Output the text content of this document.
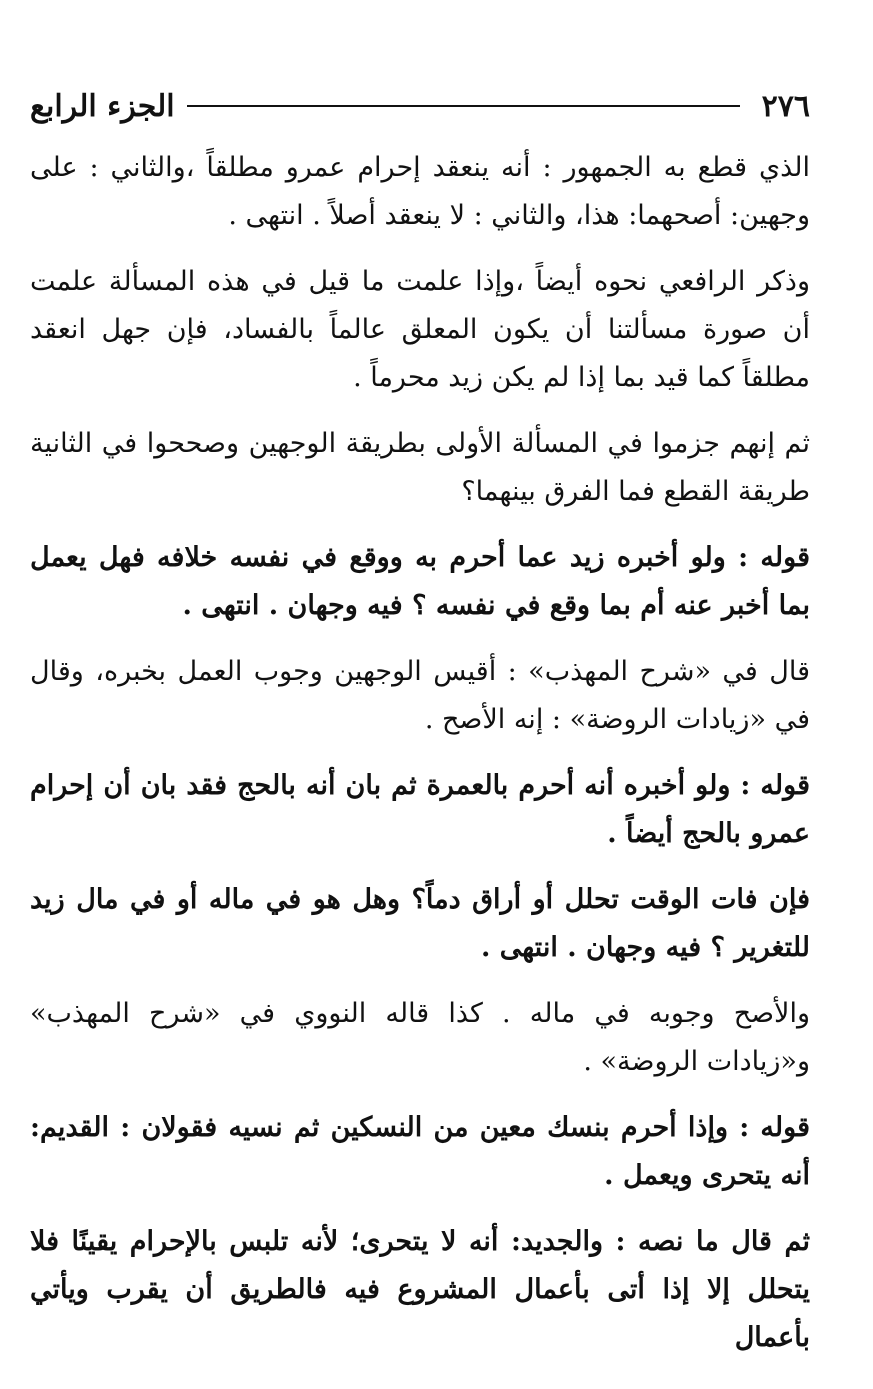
٢٧٦
الجزء الرابع

الذي قطع به الجمهور : أنه ينعقد إحرام عمرو مطلقاً ،والثاني : على وجهين: أصحهما: هذا، والثاني : لا ينعقد أصلاً . انتهى .

وذكر الرافعي نحوه أيضاً ،وإذا علمت ما قيل في هذه المسألة علمت أن صورة مسألتنا أن يكون المعلق عالماً بالفساد، فإن جهل انعقد مطلقاً كما قيد بما إذا لم يكن زيد محرماً .

ثم إنهم جزموا في المسألة الأولى بطريقة الوجهين وصححوا في الثانية طريقة القطع فما الفرق بينهما؟

قوله : ولو أخبره زيد عما أحرم به ووقع في نفسه خلافه فهل يعمل بما أخبر عنه أم بما وقع في نفسه ؟ فيه وجهان . انتهى .

قال في «شرح المهذب» : أقيس الوجهين وجوب العمل بخبره، وقال في «زيادات الروضة» : إنه الأصح .

قوله : ولو أخبره أنه أحرم بالعمرة ثم بان أنه بالحج فقد بان أن إحرام عمرو بالحج أيضاً .

فإن فات الوقت تحلل أو أراق دماً؟ وهل هو في ماله أو في مال زيد للتغرير ؟ فيه وجهان . انتهى .

والأصح وجوبه في ماله . كذا قاله النووي في «شرح المهذب» و«زيادات الروضة» .

قوله : وإذا أحرم بنسك معين من النسكين ثم نسيه فقولان : القديم: أنه يتحرى ويعمل .

ثم قال ما نصه : والجديد: أنه لا يتحرى؛ لأنه تلبس بالإحرام يقينًا فلا يتحلل إلا إذا أتى بأعمال المشروع فيه فالطريق أن يقرب ويأتي بأعمال
